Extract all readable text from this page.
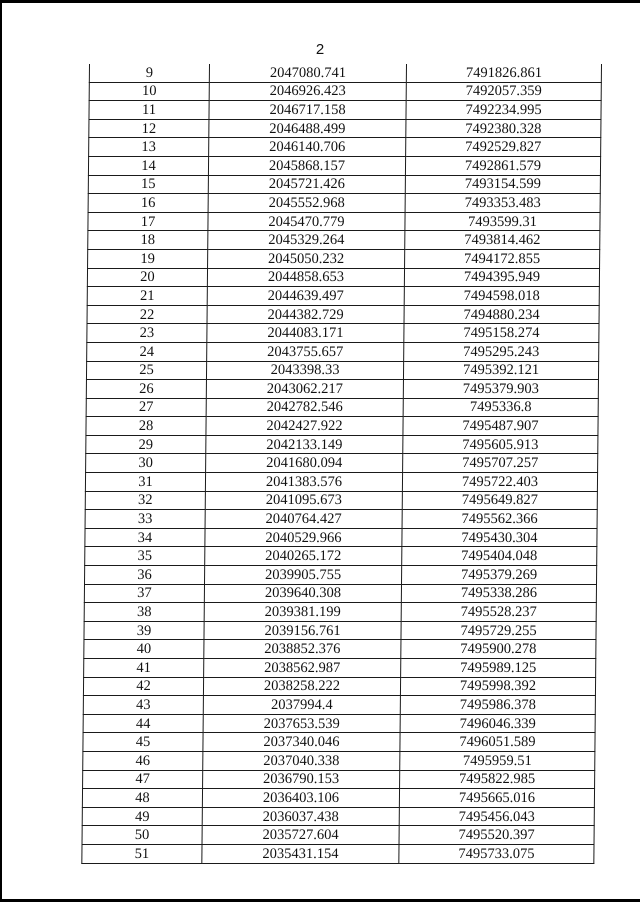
2
9	2047080.741	7491826.861
10	2046926.423	7492057.359
11	2046717.158	7492234.995
12	2046488.499	7492380.328
13	2046140.706	7492529.827
14	2045868.157	7492861.579
15	2045721.426	7493154.599
16	2045552.968	7493353.483
17	2045470.779	7493599.31
18	2045329.264	7493814.462
19	2045050.232	7494172.855
20	2044858.653	7494395.949
21	2044639.497	7494598.018
22	2044382.729	7494880.234
23	2044083.171	7495158.274
24	2043755.657	7495295.243
25	2043398.33	7495392.121
26	2043062.217	7495379.903
27	2042782.546	7495336.8
28	2042427.922	7495487.907
29	2042133.149	7495605.913
30	2041680.094	7495707.257
31	2041383.576	7495722.403
32	2041095.673	7495649.827
33	2040764.427	7495562.366
34	2040529.966	7495430.304
35	2040265.172	7495404.048
36	2039905.755	7495379.269
37	2039640.308	7495338.286
38	2039381.199	7495528.237
39	2039156.761	7495729.255
40	2038852.376	7495900.278
41	2038562.987	7495989.125
42	2038258.222	7495998.392
43	2037994.4	7495986.378
44	2037653.539	7496046.339
45	2037340.046	7496051.589
46	2037040.338	7495959.51
47	2036790.153	7495822.985
48	2036403.106	7495665.016
49	2036037.438	7495456.043
50	2035727.604	7495520.397
51	2035431.154	7495733.075
